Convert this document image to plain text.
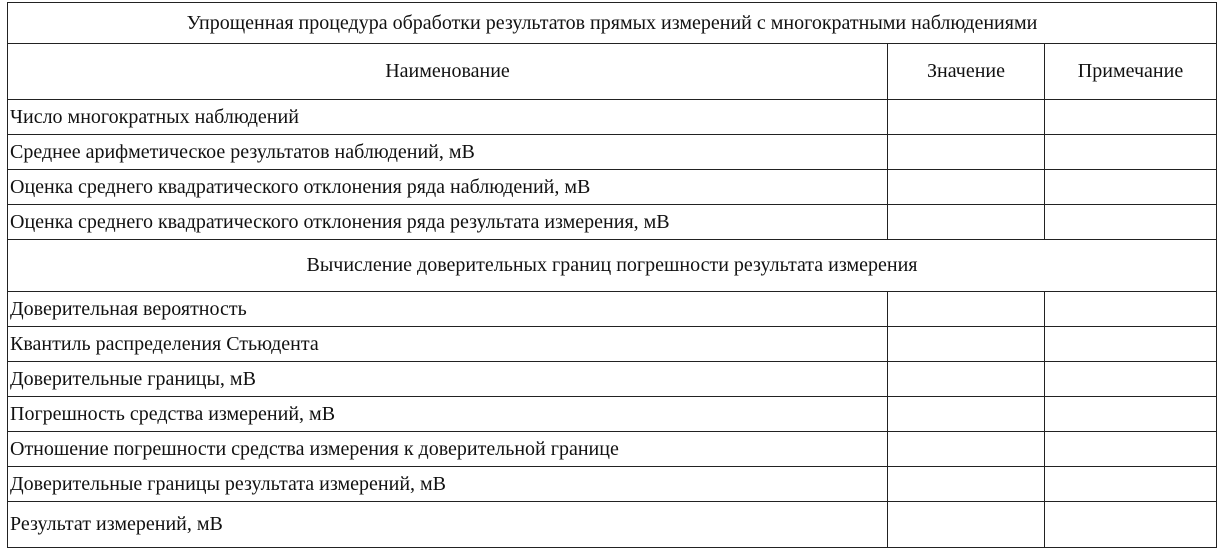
Упрощенная процедура обработки результатов прямых измерений с многократными наблюдениями		
Наименование	Значение	Примечание
Число многократных наблюдений		
Среднее арифметическое результатов наблюдений, мВ		
Оценка среднего квадратического отклонения ряда наблюдений, мВ		
Оценка среднего квадратического отклонения ряда результата измерения, мВ		
Вычисление доверительных границ погрешности результата измерения		
Доверительная вероятность		
Квантиль распределения Стьюдента		
Доверительные границы, мВ		
Погрешность средства измерений, мВ		
Отношение погрешности средства измерения к доверительной границе		
Доверительные границы результата измерений, мВ		
Результат измерений, мВ		
